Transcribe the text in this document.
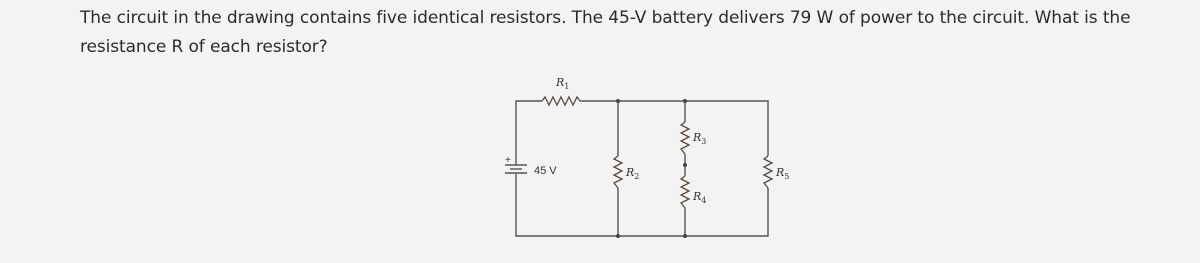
The circuit in the drawing contains five identical resistors. The 45-V battery delivers 79 W of power to the circuit. What is the
resistance R of each resistor?
+
45 V
$R_1$
$R_2$
$R_3$
$R_4$
$R_5$
